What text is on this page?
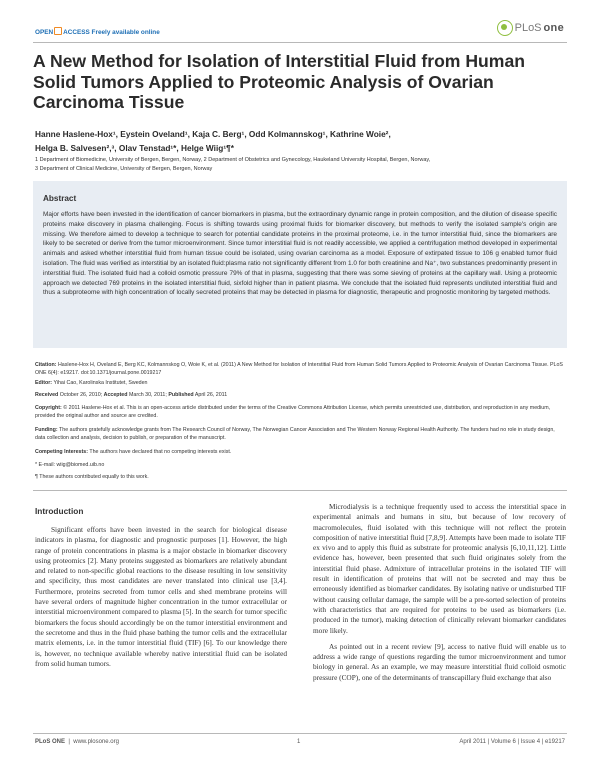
OPEN ACCESS Freely available online	PLoS one
A New Method for Isolation of Interstitial Fluid from Human Solid Tumors Applied to Proteomic Analysis of Ovarian Carcinoma Tissue
Hanne Haslene-Hox¹, Eystein Oveland¹, Kaja C. Berg¹, Odd Kolmannskog¹, Kathrine Woie²,
Helga B. Salvesen²,³, Olav Tenstad¹*, Helge Wiig¹¶*
1 Department of Biomedicine, University of Bergen, Bergen, Norway, 2 Department of Obstetrics and Gynecology, Haukeland University Hospital, Bergen, Norway,
3 Department of Clinical Medicine, University of Bergen, Bergen, Norway
Abstract

Major efforts have been invested in the identification of cancer biomarkers in plasma, but the extraordinary dynamic range in protein composition, and the dilution of disease specific proteins make discovery in plasma challenging. Focus is shifting towards using proximal fluids for biomarker discovery, but methods to verify the isolated sample's origin are missing. We therefore aimed to develop a technique to search for potential candidate proteins in the proximal proteome, i.e. in the tumor interstitial fluid, since the biomarkers are likely to be secreted or derive from the tumor microenvironment. Since tumor interstitial fluid is not readily accessible, we applied a centrifugation method developed in experimental animals and asked whether interstitial fluid from human tissue could be isolated, using ovarian carcinoma as a model. Exposure of extirpated tissue to 106 g enabled tumor fluid isolation. The fluid was verified as interstitial by an isolated fluid:plasma ratio not significantly different from 1.0 for both creatinine and Na⁺, two substances predominantly present in interstitial fluid. The isolated fluid had a colloid osmotic pressure 79% of that in plasma, suggesting that there was some sieving of proteins at the capillary wall. Using a proteomic approach we detected 769 proteins in the isolated interstitial fluid, sixfold higher than in patient plasma. We conclude that the isolated fluid represents undiluted interstitial fluid and thus a subproteome with high concentration of locally secreted proteins that may be detected in plasma for diagnostic, therapeutic and prognostic monitoring by targeted methods.

Citation: Haslene-Hox H, Oveland E, Berg KC, Kolmannskog O, Woie K, et al. (2011) A New Method for Isolation of Interstitial Fluid from Human Solid Tumors Applied to Proteomic Analysis of Ovarian Carcinoma Tissue. PLoS ONE 6(4): e19217. doi:10.1371/journal.pone.0019217
Editor: Yihai Cao, Karolinska Institutet, Sweden
Received October 26, 2010; Accepted March 30, 2011; Published April 26, 2011
Copyright: © 2011 Haslene-Hox et al. This is an open-access article distributed under the terms of the Creative Commons Attribution License, which permits unrestricted use, distribution, and reproduction in any medium, provided the original author and source are credited.
Funding: The authors gratefully acknowledge grants from The Research Council of Norway, The Norwegian Cancer Association and The Western Norway Regional Health Authority. The funders had no role in study design, data collection and analysis, decision to publish, or preparation of the manuscript.
Competing Interests: The authors have declared that no competing interests exist.
* E-mail: wiig@biomed.uib.no
¶ These authors contributed equally to this work.
Introduction

Significant efforts have been invested in the search for biological disease indicators in plasma, for diagnostic and prognostic purposes [1]. However, the high range of protein concentrations in plasma is a major obstacle in biomarker discovery using proteomics [2]. Many proteins suggested as biomarkers are relatively abundant and related to non-specific global reactions to the disease resulting in low sensitivity and specificity, thus most candidates are never translated into clinical use [3,4]. Furthermore, proteins secreted from tumor cells and shed membrane proteins will have several orders of magnitude higher concentration in the tumor extracellular or interstitial microenvironment compared to plasma [5]. In the search for tumor specific biomarkers the focus should accordingly be on the tumor interstitial environment and the secretome and thus in the fluid phase bathing the tumor cells and the extracellular matrix elements, i.e. in the tumor interstitial fluid (TIF) [6]. To our knowledge there is, however, no technique available whereby native interstitial fluid can be isolated from solid human tumors.

Microdialysis is a technique frequently used to access the interstitial space in experimental animals and humans in situ, but because of low recovery of macromolecules, fluid isolated with this technique will not reflect the protein composition of native interstitial fluid [7,8,9]. Attempts have been made to isolate TIF ex vivo and to apply this fluid as substrate for proteomic analysis [6,10,11,12]. Little evidence has, however, been presented that such fluid originates solely from the interstitial fluid phase. Admixture of intracellular proteins in the isolated TIF will result in identification of proteins that will not be secreted and may thus be erroneously identified as biomarker candidates. By isolating native or undisturbed TIF without causing cellular damage, the sample will be a pre-sorted selection of proteins with characteristics that are required for proteins to be used as biomarkers (i.e. produced in the tumor), making detection of clinically relevant biomarker candidates more likely.

As pointed out in a recent review [9], access to native fluid will enable us to address a wide range of questions regarding the tumor microenvironment and tumor biology in general. As an example, we may measure interstitial fluid colloid osmotic pressure (COP), one of the determinants of transcapillary fluid exchange that also

PLoS ONE  |  www.plosone.org	1	April 2011 | Volume 6 | Issue 4 | e19217
